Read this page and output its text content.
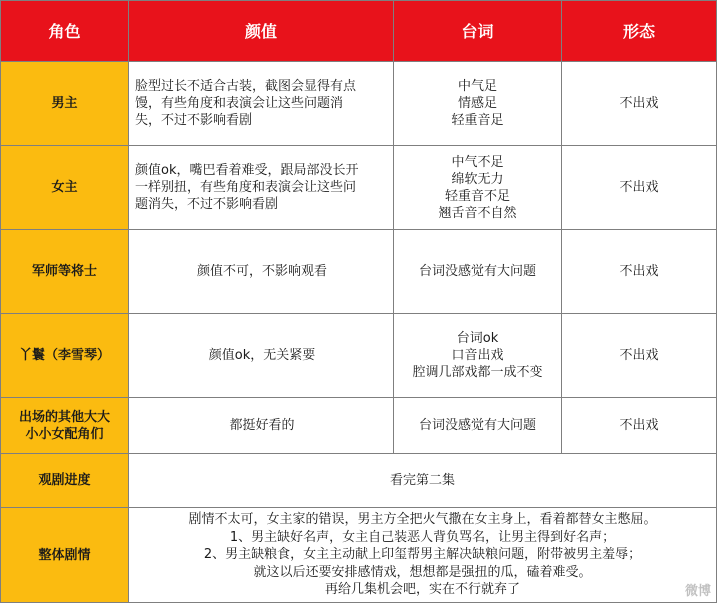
角色	颜值	台词	形态
男主	脸型过长不适合古装，截图会显得有点
馒，有些角度和表演会让这些问题消
失，不过不影响看剧	中气足
情感足
轻重音足	不出戏
女主	颜值ok，嘴巴看着难受，跟局部没长开
一样别扭，有些角度和表演会让这些问
题消失，不过不影响看剧	中气不足
绵软无力
轻重音不足
翘舌音不自然	不出戏
军师等将士	颜值不可，不影响观看	台词没感觉有大问题	不出戏
丫鬟（李雪琴）	颜值ok，无关紧要	台词ok
口音出戏
腔调几部戏都一成不变	不出戏
出场的其他大大
小小女配角们	都挺好看的	台词没感觉有大问题	不出戏
观剧进度	看完第二集		
整体剧情	剧情不太可，女主家的错误，男主方全把火气撒在女主身上，看着都替女主憋屈。
1、男主缺好名声，女主自己装恶人背负骂名，让男主得到好名声；
2、男主缺粮食，女主主动献上印玺帮男主解决缺粮问题，附带被男主羞辱；
就这以后还要安排感情戏，想想都是强扭的瓜，磕着难受。
再给几集机会吧，实在不行就弃了			微博
